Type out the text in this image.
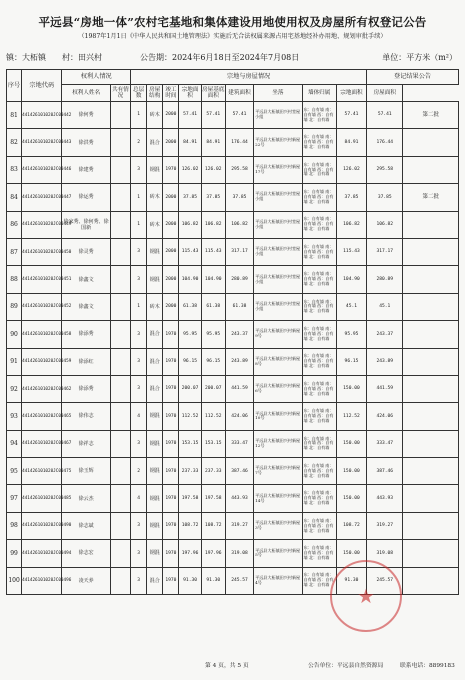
平远县“房地一体”农村宅基地和集体建设用地使用权及房屋所有权登记公告
（1987年1月1日《中华人民共和国土地管理法》实施后无合法权属来源占用宅基地经补办用地、规划审批手续）
镇：大柘镇 村：田兴村	公告期：2024年6月18日至2024年7月08日	单位：平方米（m²）
序号	宗地代码	权利人情况		宗地与房屋情况									登记结果公告	
		权利人姓名	共有情况	总层数	房屋结构	竣工时间	宗地面积	房屋基底面积	建筑面积	坐落	墙体归属	宗地面积	房屋面积	
81	441426101020JC00442	徐何秀		1	砖木	2000	57.41	57.41	57.41	平远县大柘镇田兴村堂屋小组	东：自有墙 南：自有墙 西：自有墙 北：自有墙	57.41	57.41	第二批
82	441426101020JC00443	徐洪秀		2	混合	2000	84.91	84.91	176.44	平远县大柘镇田兴村新屋22号	东：自有墙 南：自有墙 西：自有墙 北：自有墙	84.91	176.44	
83	441426101020JC00446	徐建秀		3	钢混	1970	126.02	126.02	295.58	平远县大柘镇田兴村新屋17号	东：自有墙 南：自有墙 西：自有墙 北：自有墙	126.02	295.58	
84	441426101020JC00447	徐运秀		1	砖木	2000	37.85	37.85	37.85	平远县大柘镇田兴村堂屋小组	东：自有墙 南：自有墙 西：自有墙 北：自有墙	37.85	37.85	第二批
86	441426101020JC00449	徐家秀、徐何秀、徐国新		1	砖木	2000	106.82	106.82	106.82	平远县大柘镇田兴村堂屋小组	东：自有墙 南：自有墙 西：自有墙 北：自有墙	106.82	106.82	
87	441426101020JC00450	徐灵秀		3	钢混	2000	115.43	115.43	317.17	平远县大柘镇田兴村堂屋小组	东：自有墙 南：自有墙 西：自有墙 北：自有墙	115.43	317.17	
88	441426101020JC00451	徐鑫文		3	钢混	2000	104.90	104.90	280.89	平远县大柘镇田兴村堂屋小组	东：自有墙 南：自有墙 西：自有墙 北：自有墙	104.90	280.89	
89	441426101020JC00452	徐鑫文		1	砖木	2000	61.38	61.38	61.38	平远县大柘镇田兴村堂屋小组	东：自有墙 南：自有墙 西：自有墙 北：自有墙	45.1	45.1	
90	441426101020JC00458	徐添秀		3	混合	1970	95.95	95.95	243.37	平远县大柘镇田兴村新屋9号	东：自有墙 南：自有墙 西：自有墙 北：自有墙	95.95	243.37	
91	441426101020JC00459	徐添红		3	混合	1970	96.15	96.15	243.89	平远县大柘镇田兴村新屋8号	东：自有墙 南：自有墙 西：自有墙 北：自有墙	96.15	243.89	
92	441426101020JC00462	徐添秀		3	混合	1970	200.07	200.07	441.59	平远县大柘镇田兴村新屋6号	东：自有墙 南：自有墙 西：自有墙 北：自有墙	150.00	441.59	
93	441426101020JC00465	徐伟志		4	钢混	1970	112.52	112.52	424.06	平远县大柘镇田兴村新屋10号	东：自有墙 南：自有墙 西：自有墙 北：自有墙	112.52	424.06	
94	441426101020JC00467	徐祥志		3	钢混	1970	153.15	153.15	333.47	平远县大柘镇田兴村新屋12号	东：自有墙 南：自有墙 西：自有墙 北：自有墙	150.00	333.47	
95	441426101020JC00475	徐玉辉		2	钢混	1970	237.33	237.33	387.46	平远县大柘镇田兴村新屋7号	东：自有墙 南：自有墙 西：自有墙 北：自有墙	150.00	387.46	
97	441426101020JC00485	徐云杰		4	钢混	1970	197.58	197.58	443.93	平远县大柘镇田兴村新屋14号	东：自有墙 南：自有墙 西：自有墙 北：自有墙	150.00	443.93	
98	441426101020JC00490	徐志斌		3	钢混	1970	108.72	108.72	319.27	平远县大柘镇田兴村新屋3号	东：自有墙 南：自有墙 西：自有墙 北：自有墙	108.72	319.27	
99	441426101020JC00494	徐志宏		3	钢混	1970	197.96	197.96	319.08	平远县大柘镇田兴村新屋5号	东：自有墙 南：自有墙 西：自有墙 北：自有墙	150.00	319.08	
100	441426101020JC00496	凌天养		3	混合	1970	91.30	91.30	245.57	平远县大柘镇田兴村新屋4号	东：自有墙 南：自有墙 西：自有墙 北：自有墙	91.30	245.57	
★
第 4 页，共 5 页	公告单位：平远县自然资源局	联系电话：8899183
